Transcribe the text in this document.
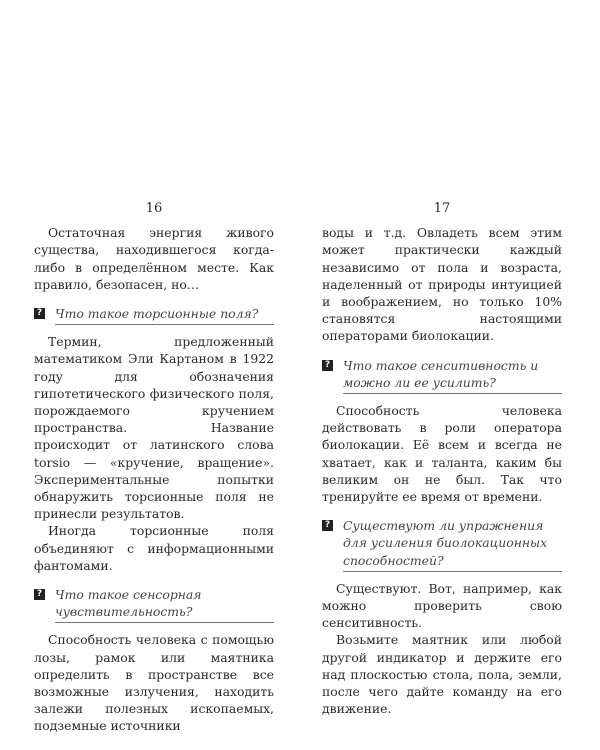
16

Остаточная энергия живого существа, находившегося когда-либо в определённом месте. Как правило, безопасен, но…

? Что такое торсионные поля?

Термин, предложенный математиком Эли Картаном в 1922 году для обозначения гипотетического физического поля, порождаемого кручением пространства. Название происходит от латинского слова torsio — «кручение, вращение». Экспериментальные попытки обнаружить торсионные поля не принесли результатов.

Иногда торсионные поля объединяют с информационными фантомами.

? Что такое сенсорная чувствительность?

Способность человека с помощью лозы, рамок или маятника определить в пространстве все возможные излучения, находить залежи полезных ископаемых, подземные источники

17

воды и т.д. Овладеть всем этим может практически каждый независимо от пола и возраста, наделенный от природы интуицией и воображением, но только 10% становятся настоящими операторами биолокации.

? Что такое сенситивность и можно ли ее усилить?

Способность человека действовать в роли оператора биолокации. Её всем и всегда не хватает, как и таланта, каким бы великим он не был. Так что тренируйте ее время от времени.

? Существуют ли упражнения для усиления биолокационных способностей?

Существуют. Вот, например, как можно проверить свою сенситивность.

Возьмите маятник или любой другой индикатор и держите его над плоскостью стола, пола, земли, после чего дайте команду на его движение.
